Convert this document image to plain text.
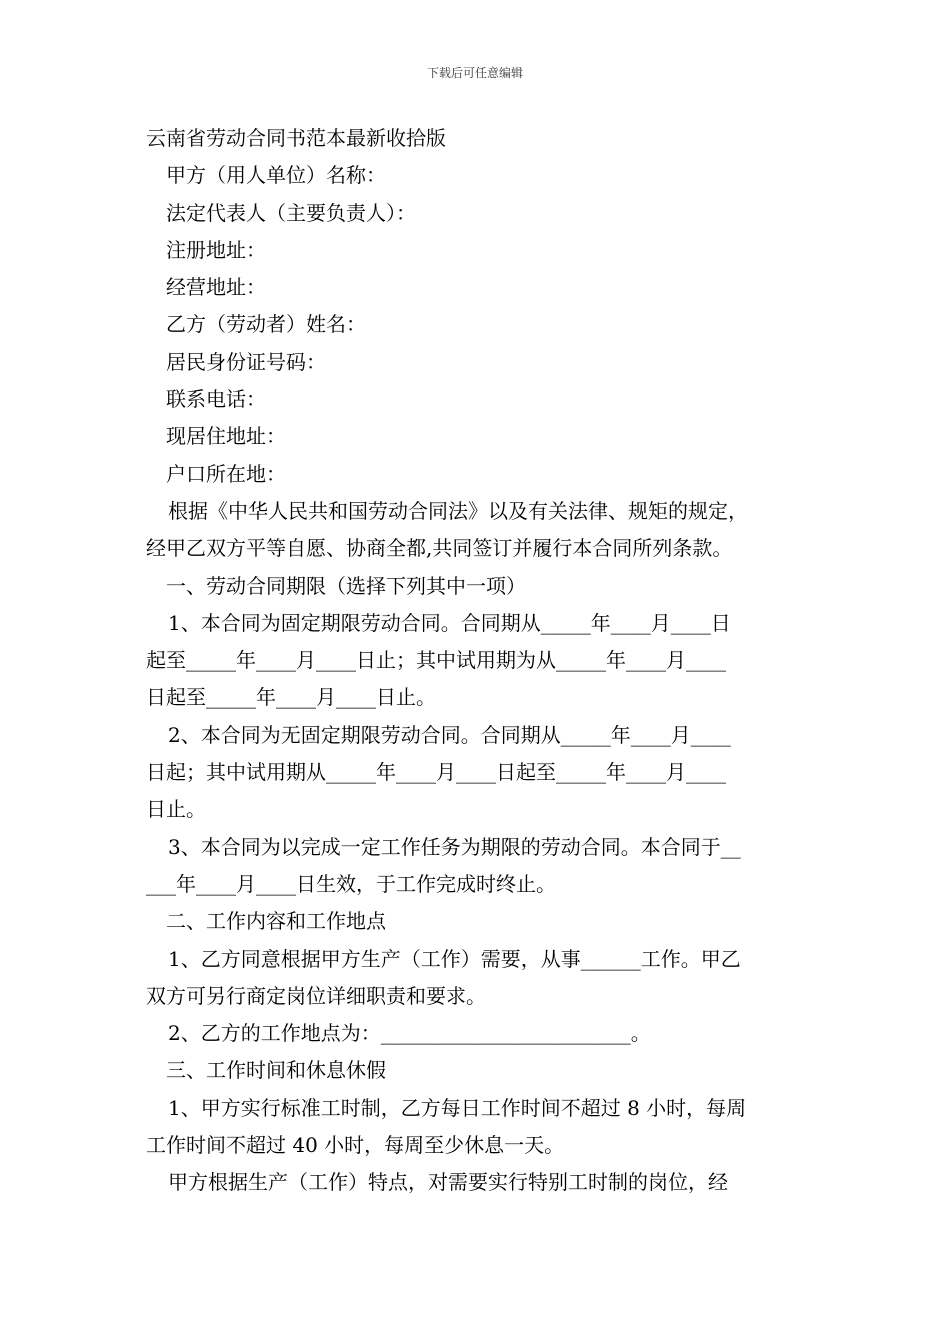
下载后可任意编辑

云南省劳动合同书范本最新收拾版

甲方（用人单位）名称：

法定代表人（主要负责人）：

注册地址：

经营地址：

乙方（劳动者）姓名：

居民身份证号码：

联系电话：

现居住地址：

户口所在地：

根据《中华人民共和国劳动合同法》以及有关法律、规矩的规定，

经甲乙双方平等自愿、协商全都,共同签订并履行本合同所列条款。

一、劳动合同期限（选择下列其中一项）

1、本合同为固定期限劳动合同。合同期从_____年____月____日

起至_____年____月____日止；其中试用期为从_____年____月____

日起至_____年____月____日止。

2、本合同为无固定期限劳动合同。合同期从_____年____月____

日起；其中试用期从_____年____月____日起至_____年____月____

日止。

3、本合同为以完成一定工作任务为期限的劳动合同。本合同于__

___年____月____日生效，于工作完成时终止。

二、工作内容和工作地点

1、乙方同意根据甲方生产（工作）需要，从事______工作。甲乙

双方可另行商定岗位详细职责和要求。

2、乙方的工作地点为：_________________________。

三、工作时间和休息休假

1、甲方实行标准工时制，乙方每日工作时间不超过 8 小时，每周

工作时间不超过 40 小时，每周至少休息一天。

甲方根据生产（工作）特点，对需要实行特别工时制的岗位，经
